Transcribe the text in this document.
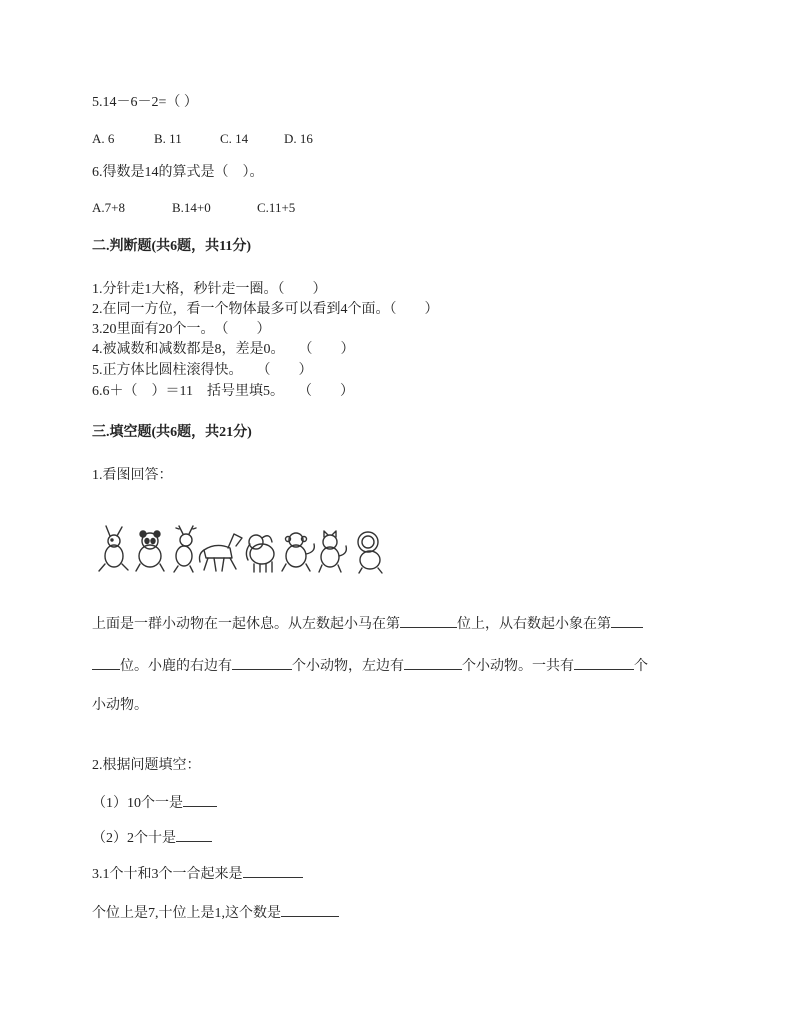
5.14－6－2=（ ）
A. 6	B. 11	C. 14	D. 16
6.得数是14的算式是（　）。
A.7+8	B.14+0	C.11+5
二.判断题(共6题，共11分)
1.分针走1大格，秒针走一圈。（　　）
2.在同一方位，看一个物体最多可以看到4个面。（　　）
3.20里面有20个一。　（　　）
4.被减数和减数都是8，差是0。　　（　　）
5.正方体比圆柱滚得快。　　（　　）
6.6＋（　）＝11　括号里填5。　　（　　）
三.填空题(共6题，共21分)
1.看图回答：
上面是一群小动物在一起休息。从左数起小马在第	位上，从右数起小象在第
位。小鹿的右边有	个小动物，左边有	个小动物。一共有	个
小动物。
2.根据问题填空：
（1）10个一是
（2）2个十是
3.1个十和3个一合起来是
个位上是7,十位上是1,这个数是
